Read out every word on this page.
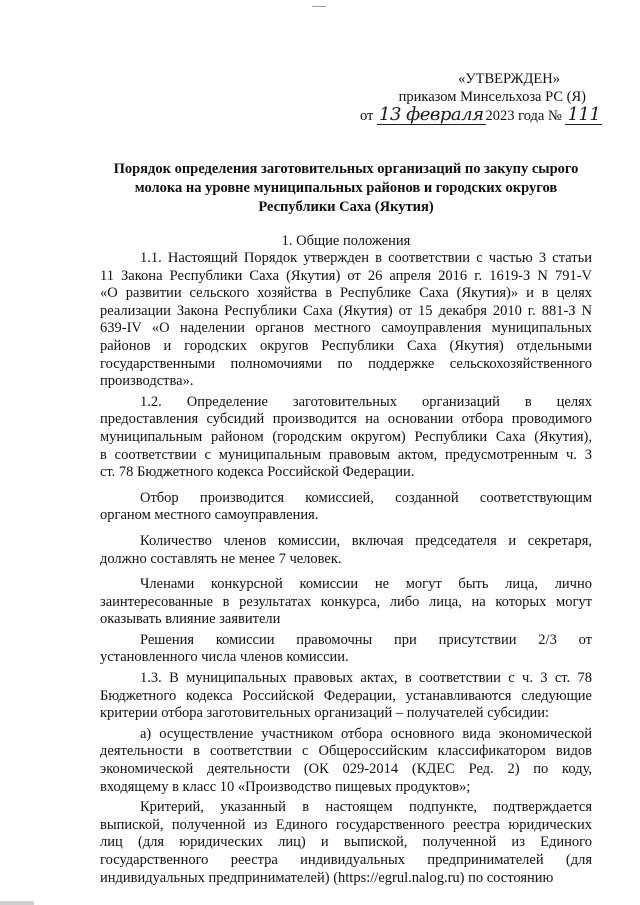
«УТВЕРЖДЕН»
приказом Минсельхоза РС (Я)
от 13 февраля 2023 года № 111
Порядок определения заготовительных организаций по закупу сырого
молока на уровне муниципальных районов и городских округов
Республики Саха (Якутия)
1. Общие положения
1.1. Настоящий Порядок утвержден в соответствии с частью 3 статьи
11 Закона Республики Саха (Якутия) от 26 апреля 2016 г. 1619-З N 791-V
«О развитии сельского хозяйства в Республике Саха (Якутия)» и в целях
реализации Закона Республики Саха (Якутия) от 15 декабря 2010 г. 881-З N
639-IV «О наделении органов местного самоуправления муниципальных
районов и городских округов Республики Саха (Якутия) отдельными
государственными полномочиями по поддержке сельскохозяйственного
производства».
1.2. Определение заготовительных организаций в целях
предоставления субсидий производится на основании отбора проводимого
муниципальным районом (городским округом) Республики Саха (Якутия),
в соответствии с муниципальным правовым актом, предусмотренным ч. 3
ст. 78 Бюджетного кодекса Российской Федерации.
Отбор производится комиссией, созданной соответствующим
органом местного самоуправления.
Количество членов комиссии, включая председателя и секретаря,
должно составлять не менее 7 человек.
Членами конкурсной комиссии не могут быть лица, лично
заинтересованные в результатах конкурса, либо лица, на которых могут
оказывать влияние заявители
Решения комиссии правомочны при присутствии 2/3 от
установленного числа членов комиссии.
1.3. В муниципальных правовых актах, в соответствии с ч. 3 ст. 78
Бюджетного кодекса Российской Федерации, устанавливаются следующие
критерии отбора заготовительных организаций – получателей субсидии:
а) осуществление участником отбора основного вида экономической
деятельности в соответствии с Общероссийским классификатором видов
экономической деятельности (ОК 029-2014 (КДЕС Ред. 2) по коду,
входящему в класс 10 «Производство пищевых продуктов»;
Критерий, указанный в настоящем подпункте, подтверждается
выпиской, полученной из Единого государственного реестра юридических
лиц (для юридических лиц) и выпиской, полученной из Единого
государственного реестра индивидуальных предпринимателей (для
индивидуальных предпринимателей) (https://egrul.nalog.ru) по состоянию
